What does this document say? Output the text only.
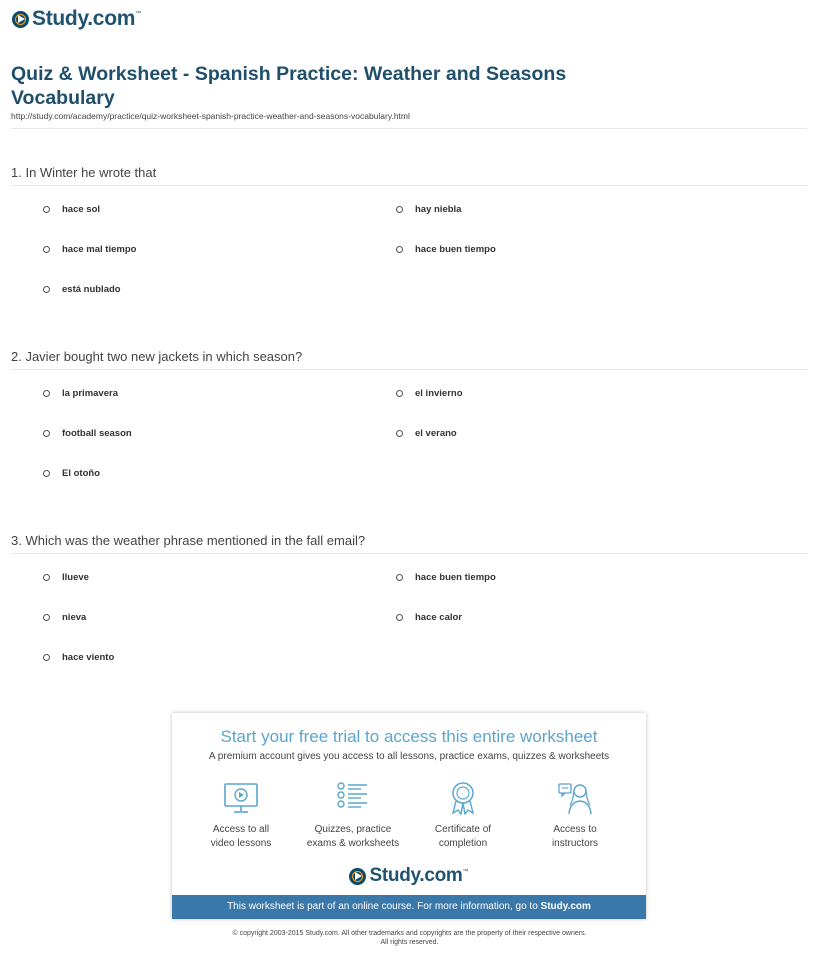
Study.com ™
Quiz & Worksheet - Spanish Practice: Weather and Seasons Vocabulary
http://study.com/academy/practice/quiz-worksheet-spanish-practice-weather-and-seasons-vocabulary.html
1. In Winter he wrote that
hace sol	hay niebla
hace mal tiempo	hace buen tiempo
está nublado
2. Javier bought two new jackets in which season?
la primavera	el invierno
football season	el verano
El otoño
3. Which was the weather phrase mentioned in the fall email?
llueve	hace buen tiempo
nieva	hace calor
hace viento
Start your free trial to access this entire worksheet
A premium account gives you access to all lessons, practice exams, quizzes & worksheets
Access to all
video lessons
Quizzes, practice
exams & worksheets
Certificate of
completion
Access to
instructors
Study.com ™
This worksheet is part of an online course. For more information, go to Study.com
© copyright 2003-2015 Study.com. All other trademarks and copyrights are the property of their respective owners.
All rights reserved.
